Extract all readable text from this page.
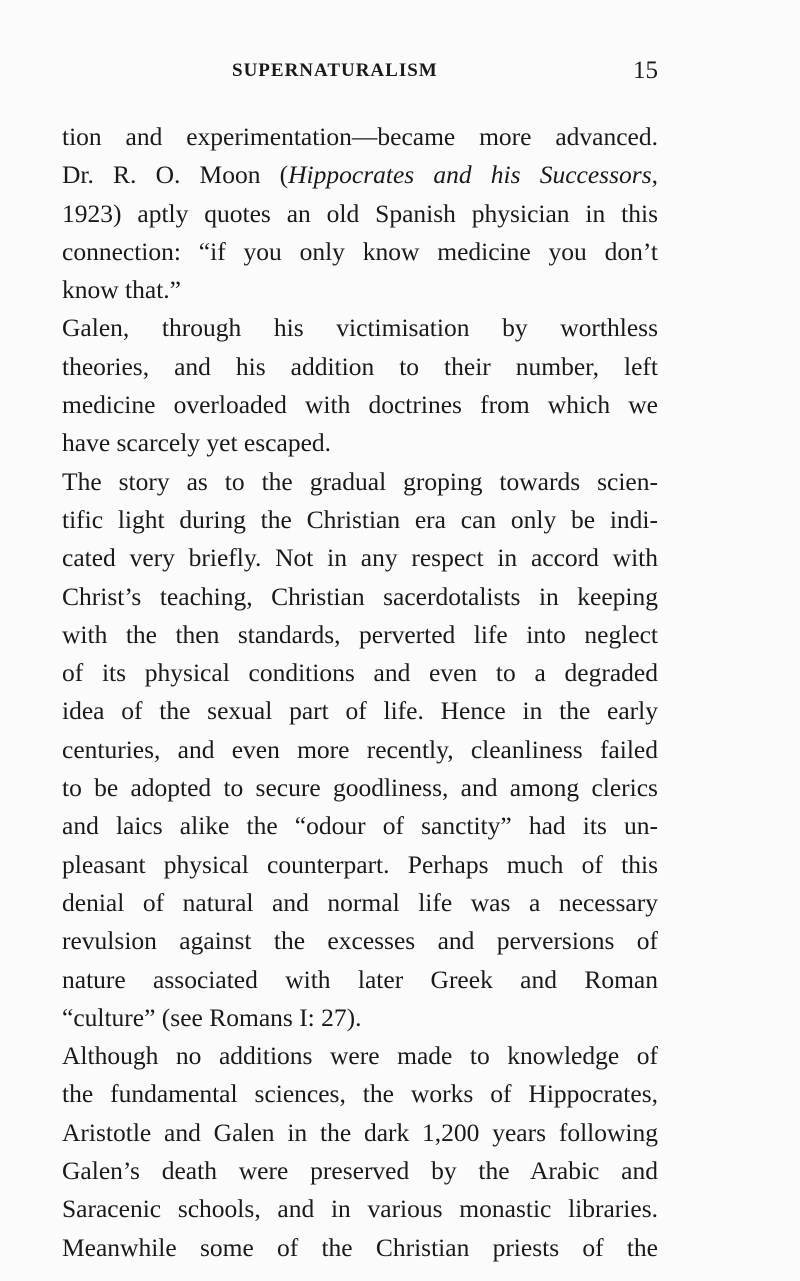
SUPERNATURALISM	15
tion and experimentation—became more advanced.
Dr. R. O. Moon (Hippocrates and his Successors,
1923) aptly quotes an old Spanish physician in this
connection: “if you only know medicine you don’t
know that.”
Galen, through his victimisation by worthless
theories, and his addition to their number, left
medicine overloaded with doctrines from which we
have scarcely yet escaped.
The story as to the gradual groping towards scien-
tific light during the Christian era can only be indi-
cated very briefly. Not in any respect in accord with
Christ’s teaching, Christian sacerdotalists in keeping
with the then standards, perverted life into neglect
of its physical conditions and even to a degraded
idea of the sexual part of life. Hence in the early
centuries, and even more recently, cleanliness failed
to be adopted to secure goodliness, and among clerics
and laics alike the “odour of sanctity” had its un-
pleasant physical counterpart. Perhaps much of this
denial of natural and normal life was a necessary
revulsion against the excesses and perversions of
nature associated with later Greek and Roman
“culture” (see Romans I: 27).
Although no additions were made to knowledge of
the fundamental sciences, the works of Hippocrates,
Aristotle and Galen in the dark 1,200 years following
Galen’s death were preserved by the Arabic and
Saracenic schools, and in various monastic libraries.
Meanwhile some of the Christian priests of the
